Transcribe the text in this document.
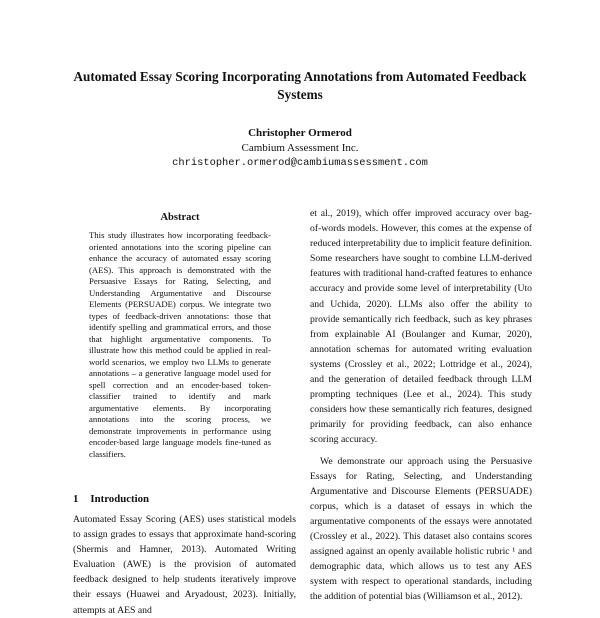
Automated Essay Scoring Incorporating Annotations from Automated Feedback Systems
Christopher Ormerod
Cambium Assessment Inc.
christopher.ormerod@cambiumassessment.com
Abstract
This study illustrates how incorporating feedback-oriented annotations into the scoring pipeline can enhance the accuracy of automated essay scoring (AES). This approach is demonstrated with the Persuasive Essays for Rating, Selecting, and Understanding Argumentative and Discourse Elements (PERSUADE) corpus. We integrate two types of feedback-driven annotations: those that identify spelling and grammatical errors, and those that highlight argumentative components. To illustrate how this method could be applied in real-world scenarios, we employ two LLMs to generate annotations – a generative language model used for spell correction and an encoder-based token-classifier trained to identify and mark argumentative elements. By incorporating annotations into the scoring process, we demonstrate improvements in performance using encoder-based large language models fine-tuned as classifiers.
1 Introduction
Automated Essay Scoring (AES) uses statistical models to assign grades to essays that approximate hand-scoring (Shermis and Hamner, 2013). Automated Writing Evaluation (AWE) is the provision of automated feedback designed to help students iteratively improve their essays (Huawei and Aryadoust, 2023). Initially, attempts at AES and

et al., 2019), which offer improved accuracy over bag-of-words models. However, this comes at the expense of reduced interpretability due to implicit feature definition. Some researchers have sought to combine LLM-derived features with traditional hand-crafted features to enhance accuracy and provide some level of interpretability (Uto and Uchida, 2020). LLMs also offer the ability to provide semantically rich feedback, such as key phrases from explainable AI (Boulanger and Kumar, 2020), annotation schemas for automated writing evaluation systems (Crossley et al., 2022; Lottridge et al., 2024), and the generation of detailed feedback through LLM prompting techniques (Lee et al., 2024). This study considers how these semantically rich features, designed primarily for providing feedback, can also enhance scoring accuracy.

We demonstrate our approach using the Persuasive Essays for Rating, Selecting, and Understanding Argumentative and Discourse Elements (PERSUADE) corpus, which is a dataset of essays in which the argumentative components of the essays were annotated (Crossley et al., 2022). This dataset also contains scores assigned against an openly available holistic rubric ¹ and demographic data, which allows us to test any AES system with respect to operational standards, including the addition of potential bias (Williamson et al., 2012).
